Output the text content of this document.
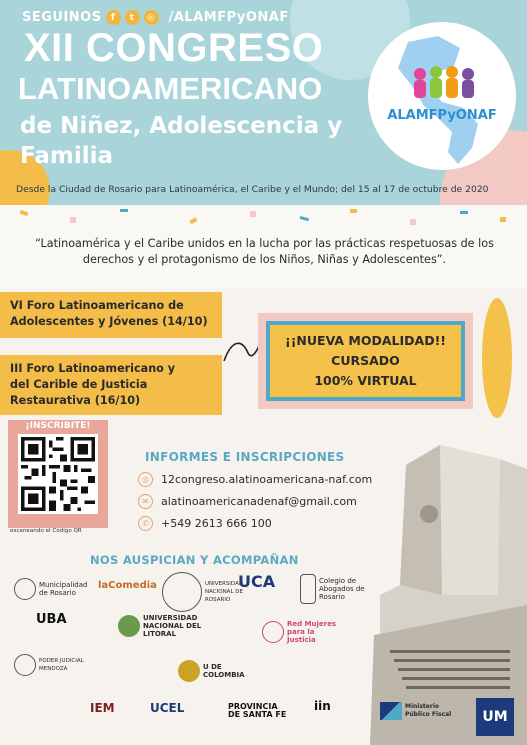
SEGUINOS	f	t	◎ /ALAMFPyONAF
XII CONGRESO
LATINOAMERICANO
de Niñez, Adolescencia y
Familia
ALAMFPyONAF
Desde la Ciudad de Rosario para Latinoamérica, el Caribe y el Mundo; del 15 al 17 de octubre de 2020
“Latinoamérica y el Caribe unidos en la lucha por las prácticas respetuosas de los derechos y el protagonismo de los Niños, Niñas y Adolescentes”.
VI Foro Latinoamericano de
Adolescentes y Jóvenes (14/10)
III Foro Latinoamericano y
del Carible de Justicia
Restaurativa (16/10)
¡¡NUEVA MODALIDAD!!
CURSADO
100% VIRTUAL
¡INSCRIBITE!
escaneando el Código QR
INFORMES E INSCRIPCIONES
◎	12congreso.alatinoamericana-naf.com
✉	alatinoamericanadenaf@gmail.com
✆	+549 2613 666 100
NOS AUSPICIAN Y ACOMPAÑAN
Municipalidad de Rosario
laComedia	UNIVERSIDAD NACIONAL DE ROSARIO
UCA	Colegio de Abogados de Rosario
UBA	UNIVERSIDAD NACIONAL DEL LITORAL
Red Mujeres para la Justicia
PODER JUDICIAL MENDOZA	U DE COLOMBIA
IEM	UCEL	PROVINCIA DE SANTA FE
iin	Ministerio Público Fiscal	UM
